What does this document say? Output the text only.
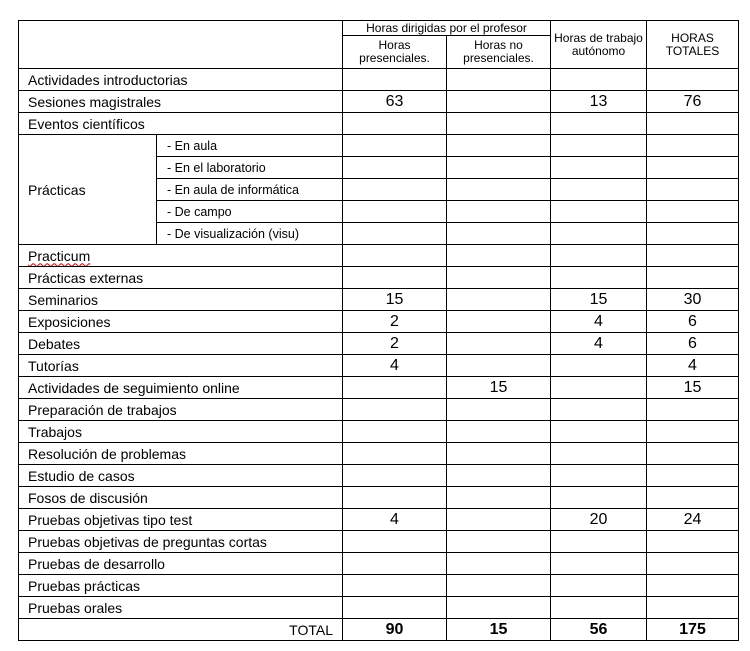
		Horas dirigidas por el profesor		Horas de trabajo autónomo	HORAS TOTALES
		Horas presenciales.	Horas no presenciales.		
Actividades introductorias					
Sesiones magistrales		63		13	76
Eventos científicos					
Prácticas	- En aula				
	- En el laboratorio				
	- En aula de informática				
	- De campo				
	- De visualización (visu)				
Practicum					
Prácticas externas					
Seminarios		15		15	30
Exposiciones		2		4	6
Debates		2		4	6
Tutorías		4			4
Actividades de seguimiento online			15		15
Preparación de trabajos					
Trabajos					
Resolución de problemas					
Estudio de casos					
Fosos de discusión					
Pruebas objetivas tipo test		4		20	24
Pruebas objetivas de preguntas cortas					
Pruebas de desarrollo					
Pruebas prácticas					
Pruebas orales					
TOTAL		90	15	56	175
